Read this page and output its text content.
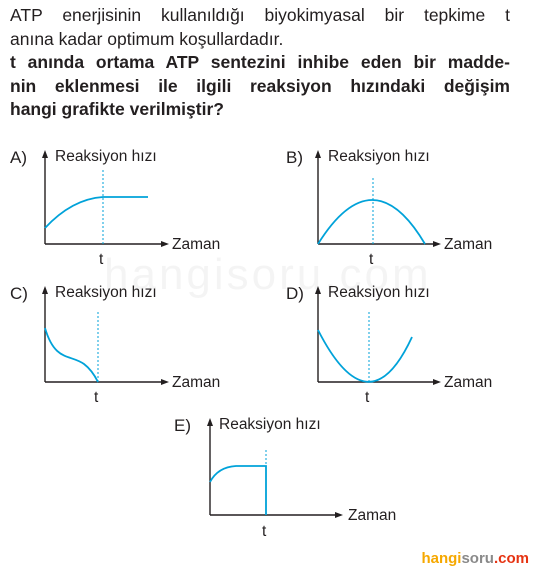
ATP enerjisinin kullanıldığı biyokimyasal bir tepkime t

anına kadar optimum koşullardadır.

t anında ortama ATP sentezini inhibe eden bir madde-

nin eklenmesi ile ilgili reaksiyon hızındaki değişim

hangi grafikte verilmiştir?

A) Reaksiyon hızı
Zaman
t
B) Reaksiyon hızı
Zaman
t
C) Reaksiyon hızı
Zaman
t
D) Reaksiyon hızı
Zaman
t
E) Reaksiyon hızı
Zaman
t
hangisoru.com
